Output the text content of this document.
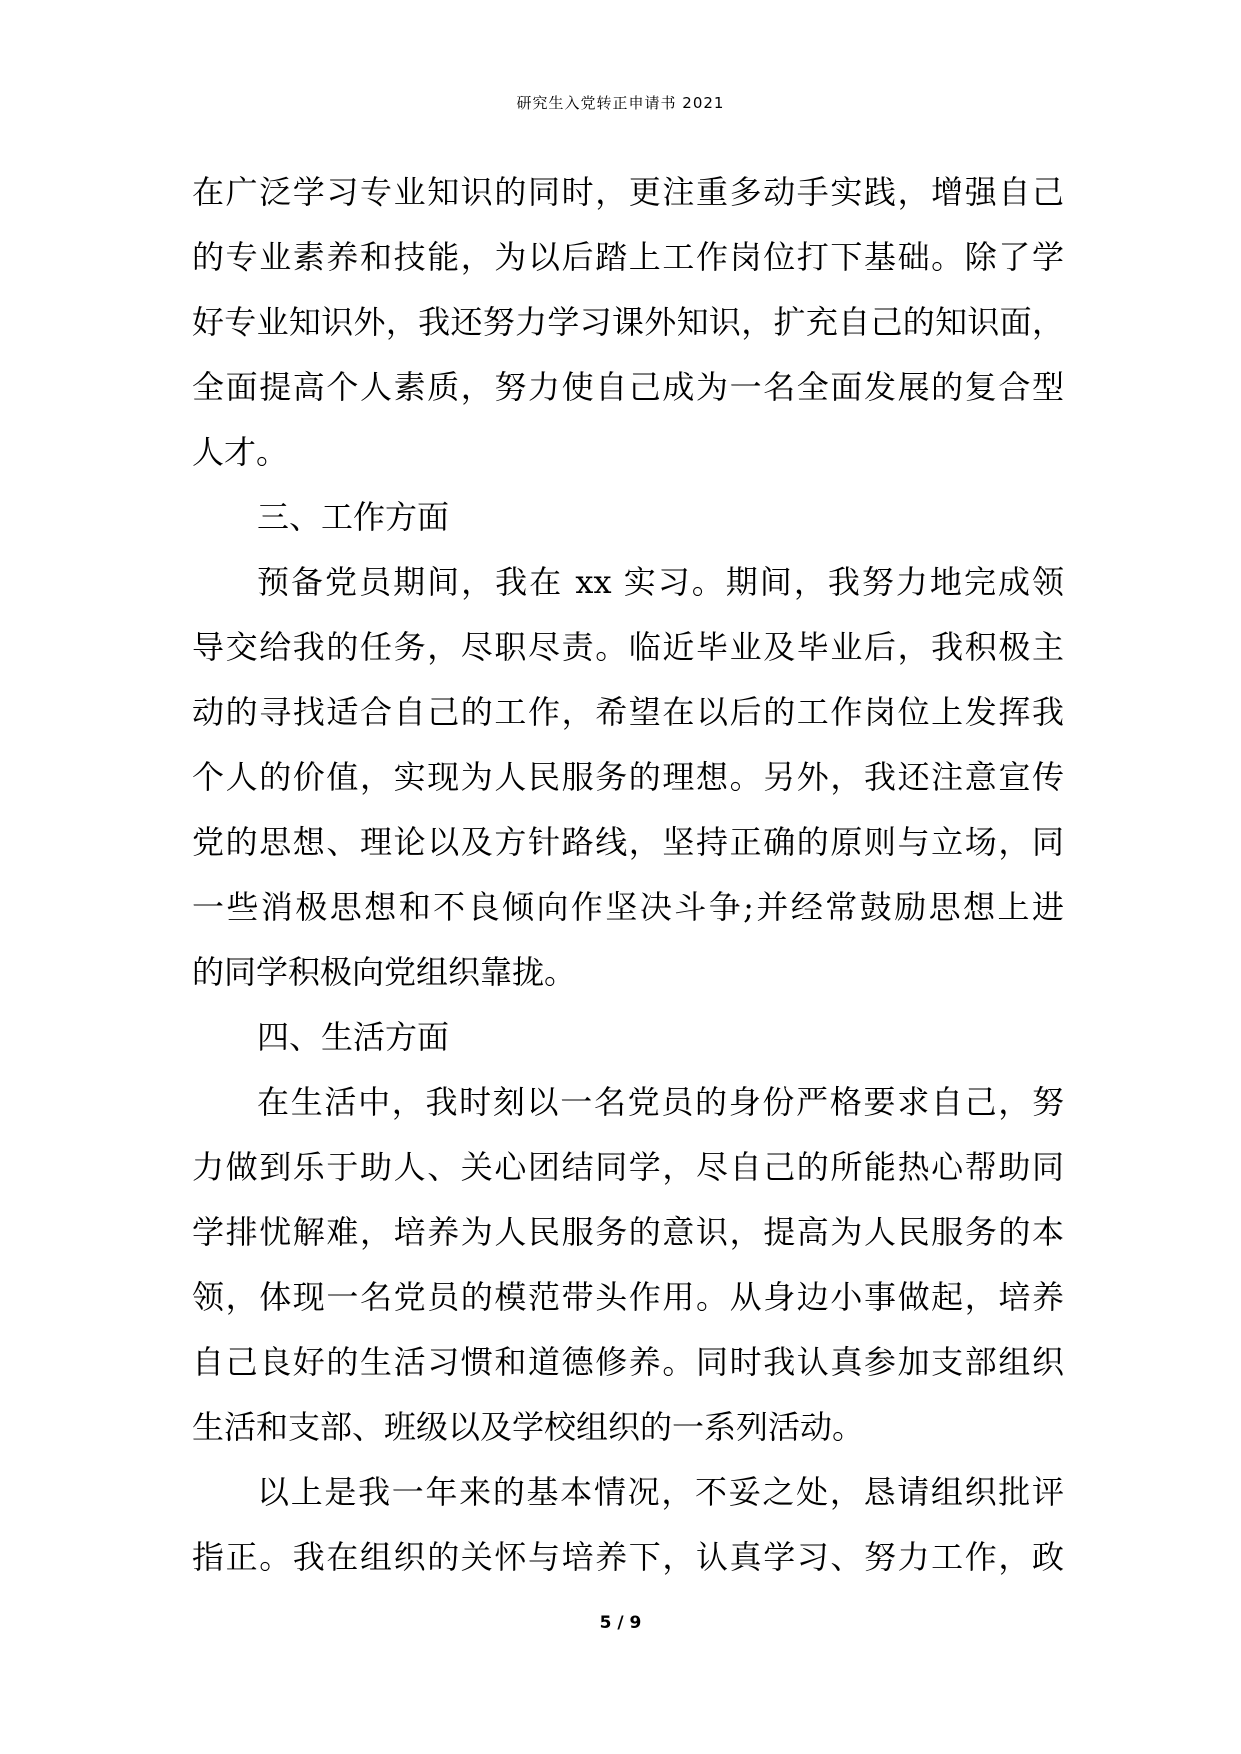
研究生入党转正申请书 2021
在广泛学习专业知识的同时，更注重多动手实践，增强自己
的专业素养和技能，为以后踏上工作岗位打下基础。除了学
好专业知识外，我还努力学习课外知识，扩充自己的知识面，
全面提高个人素质，努力使自己成为一名全面发展的复合型
人才。
三、工作方面
预备党员期间，我在 xx 实习。期间，我努力地完成领
导交给我的任务，尽职尽责。临近毕业及毕业后，我积极主
动的寻找适合自己的工作，希望在以后的工作岗位上发挥我
个人的价值，实现为人民服务的理想。另外，我还注意宣传
党的思想、理论以及方针路线，坚持正确的原则与立场，同
一些消极思想和不良倾向作坚决斗争;并经常鼓励思想上进
的同学积极向党组织靠拢。
四、生活方面
在生活中，我时刻以一名党员的身份严格要求自己，努
力做到乐于助人、关心团结同学，尽自己的所能热心帮助同
学排忧解难，培养为人民服务的意识，提高为人民服务的本
领，体现一名党员的模范带头作用。从身边小事做起，培养
自己良好的生活习惯和道德修养。同时我认真参加支部组织
生活和支部、班级以及学校组织的一系列活动。
以上是我一年来的基本情况，不妥之处，恳请组织批评
指正。我在组织的关怀与培养下，认真学习、努力工作，政
5 / 9
